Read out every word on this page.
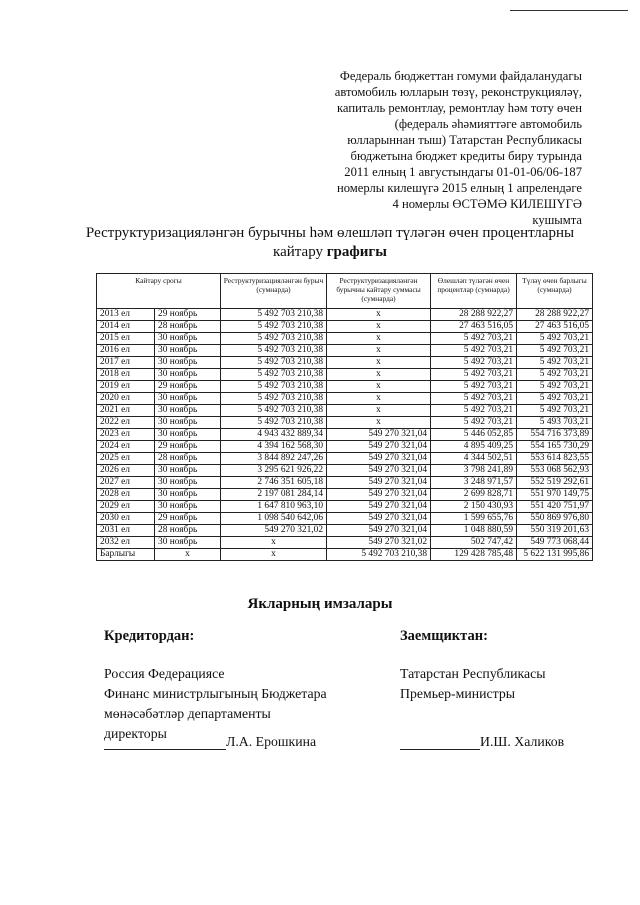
Федераль бюджеттан гомуми файдаланудагы
автомобиль юлларын төзү, реконструкцияләү,
капиталь ремонтлау, ремонтлау һәм тоту өчен
(федераль әһәмияттәге автомобиль
юлларыннан тыш) Татарстан Республикасы
бюджетына бюджет кредиты биру турында
2011 елның 1 августындагы 01-01-06/06-187
номерлы килешүгә 2015 елның 1 апрелендәге
4 номерлы ӨСТӘМӘ КИЛЕШҮГӘ
кушымта
Реструктуризацияләнгән бурычны һәм өлешләп түләгән өчен процентларны
кайтару графигы
Кайтару срогы		Реструктуризацияләнгән бурыч (сумнарда)	Реструктуризацияләнгән бурычны кайтару суммасы (сумнарда)	Өлешләп түләгән өчен процентлар (сумнарда)	Түләү өчен барлыгы (сумнарда)
2013 ел	29 ноябрь	5 492 703 210,38	х	28 288 922,27	28 288 922,27
2014 ел	28 ноябрь	5 492 703 210,38	х	27 463 516,05	27 463 516,05
2015 ел	30 ноябрь	5 492 703 210,38	х	5 492 703,21	5 492 703,21
2016 ел	30 ноябрь	5 492 703 210,38	х	5 492 703,21	5 492 703,21
2017 ел	30 ноябрь	5 492 703 210,38	х	5 492 703,21	5 492 703,21
2018 ел	30 ноябрь	5 492 703 210,38	х	5 492 703,21	5 492 703,21
2019 ел	29 ноябрь	5 492 703 210,38	х	5 492 703,21	5 492 703,21
2020 ел	30 ноябрь	5 492 703 210,38	х	5 492 703,21	5 492 703,21
2021 ел	30 ноябрь	5 492 703 210,38	х	5 492 703,21	5 492 703,21
2022 ел	30 ноябрь	5 492 703 210,38	х	5 492 703,21	5 493 703,21
2023 ел	30 ноябрь	4 943 432 889,34	549 270 321,04	5 446 052,85	554 716 373,89
2024 ел	29 ноябрь	4 394 162 568,30	549 270 321,04	4 895 409,25	554 165 730,29
2025 ел	28 ноябрь	3 844 892 247,26	549 270 321,04	4 344 502,51	553 614 823,55
2026 ел	30 ноябрь	3 295 621 926,22	549 270 321,04	3 798 241,89	553 068 562,93
2027 ел	30 ноябрь	2 746 351 605,18	549 270 321,04	3 248 971,57	552 519 292,61
2028 ел	30 ноябрь	2 197 081 284,14	549 270 321,04	2 699 828,71	551 970 149,75
2029 ел	30 ноябрь	1 647 810 963,10	549 270 321,04	2 150 430,93	551 420 751,97
2030 ел	29 ноябрь	1 098 540 642,06	549 270 321,04	1 599 655,76	550 869 976,80
2031 ел	28 ноябрь	549 270 321,02	549 270 321,04	1 048 880,59	550 319 201,63
2032 ел	30 ноябрь	х	549 270 321,02	502 747,42	549 773 068,44
Барлыгы	х	х	5 492 703 210,38	129 428 785,48	5 622 131 995,86
Якларның имзалары
Кредитордан:
Россия Федерациясе
Финанс министрлыгының Бюджетара
мөнәсәбәтләр департаменты
директоры
Заемщиктан:
Татарстан Республикасы
Премьер-министры
Л.А. Ерошкина	И.Ш. Халиков
